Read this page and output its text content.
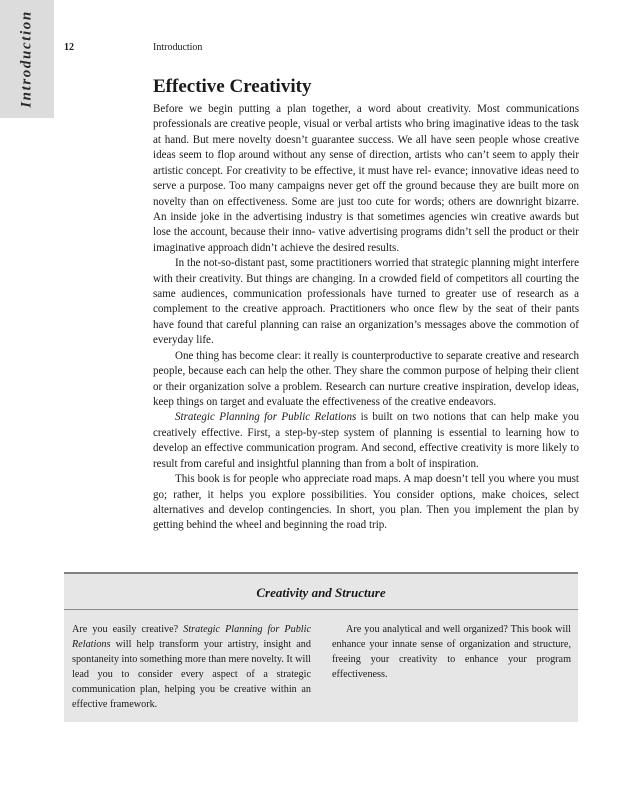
Introduction	12	Introduction
Effective Creativity

Before we begin putting a plan together, a word about creativity. Most communications professionals are creative people, visual or verbal artists who bring imaginative ideas to the task at hand. But mere novelty doesn’t guarantee success. We all have seen people whose creative ideas seem to flop around without any sense of direction, artists who can’t seem to apply their artistic concept. For creativity to be effective, it must have rel- evance; innovative ideas need to serve a purpose. Too many campaigns never get off the ground because they are built more on novelty than on effectiveness. Some are just too cute for words; others are downright bizarre. An inside joke in the advertising industry is that sometimes agencies win creative awards but lose the account, because their inno- vative advertising programs didn’t sell the product or their imaginative approach didn’t achieve the desired results.

In the not-so-distant past, some practitioners worried that strategic planning might interfere with their creativity. But things are changing. In a crowded field of competitors all courting the same audiences, communication professionals have turned to greater use of research as a complement to the creative approach. Practitioners who once flew by the seat of their pants have found that careful planning can raise an organization’s messages above the commotion of everyday life.

One thing has become clear: it really is counterproductive to separate creative and research people, because each can help the other. They share the common purpose of helping their client or their organization solve a problem. Research can nurture creative inspiration, develop ideas, keep things on target and evaluate the effectiveness of the creative endeavors.

Strategic Planning for Public Relations is built on two notions that can help make you creatively effective. First, a step-by-step system of planning is essential to learning how to develop an effective communication program. And second, effective creativity is more likely to result from careful and insightful planning than from a bolt of inspiration.

This book is for people who appreciate road maps. A map doesn’t tell you where you must go; rather, it helps you explore possibilities. You consider options, make choices, select alternatives and develop contingencies. In short, you plan. Then you implement the plan by getting behind the wheel and beginning the road trip.

Creativity and Structure

Are you easily creative? Strategic Planning for Public Relations will help transform your artistry, insight and spontaneity into something more than mere novelty. It will lead you to consider every aspect of a strategic communication plan, helping you be creative within an effective framework.

Are you analytical and well organized? This book will enhance your innate sense of organization and structure, freeing your creativity to enhance your program effectiveness.
